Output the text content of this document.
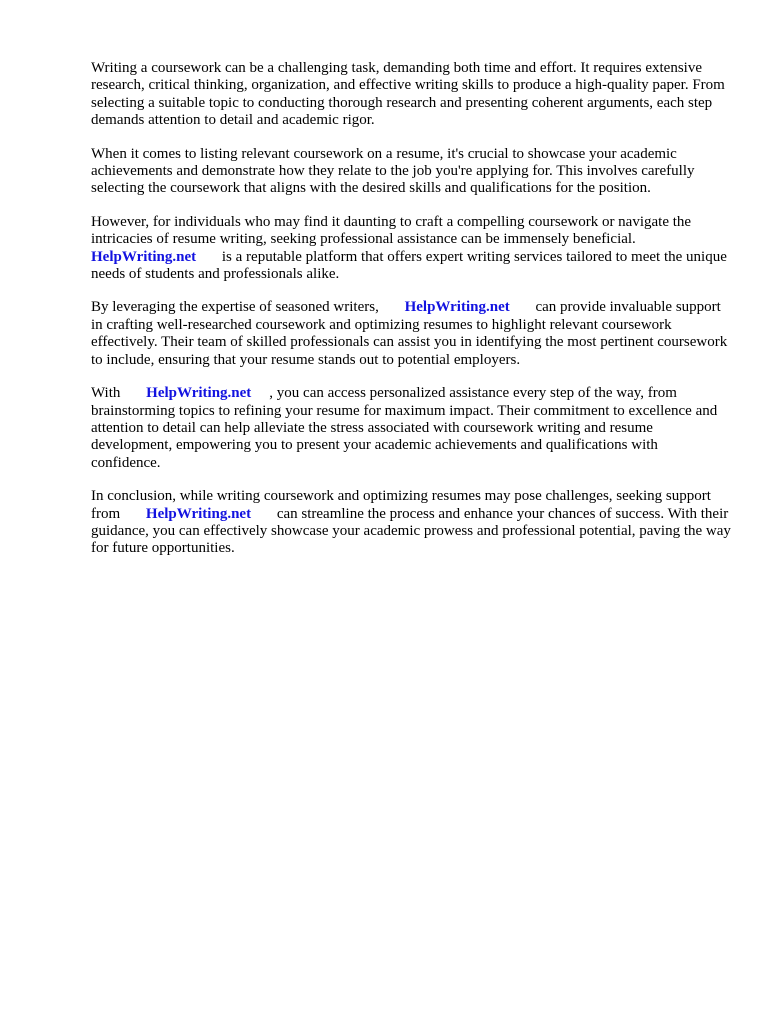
Writing a coursework can be a challenging task, demanding both time and effort. It requires extensive research, critical thinking, organization, and effective writing skills to produce a high-quality paper. From selecting a suitable topic to conducting thorough research and presenting coherent arguments, each step demands attention to detail and academic rigor.

When it comes to listing relevant coursework on a resume, it's crucial to showcase your academic achievements and demonstrate how they relate to the job you're applying for. This involves carefully selecting the coursework that aligns with the desired skills and qualifications for the position.

However, for individuals who may find it daunting to craft a compelling coursework or navigate the intricacies of resume writing, seeking professional assistance can be immensely beneficial.
HelpWriting.net is a reputable platform that offers expert writing services tailored to meet the unique needs of students and professionals alike.

By leveraging the expertise of seasoned writers, HelpWriting.net can provide invaluable support in crafting well-researched coursework and optimizing resumes to highlight relevant coursework effectively. Their team of skilled professionals can assist you in identifying the most pertinent coursework to include, ensuring that your resume stands out to potential employers.

With HelpWriting.net , you can access personalized assistance every step of the way, from brainstorming topics to refining your resume for maximum impact. Their commitment to excellence and attention to detail can help alleviate the stress associated with coursework writing and resume development, empowering you to present your academic achievements and qualifications with confidence.

In conclusion, while writing coursework and optimizing resumes may pose challenges, seeking support from HelpWriting.net can streamline the process and enhance your chances of success. With their guidance, you can effectively showcase your academic prowess and professional potential, paving the way for future opportunities.
